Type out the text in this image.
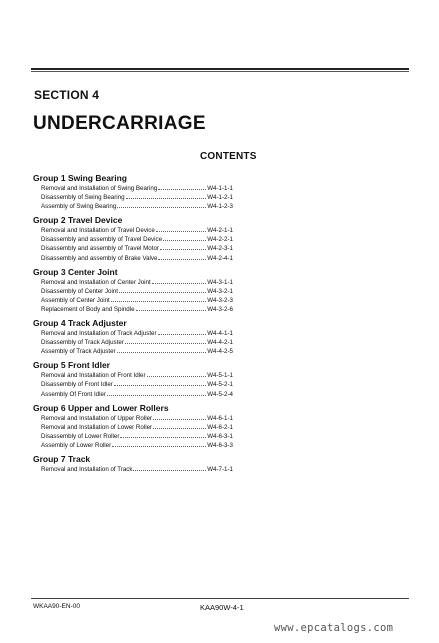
SECTION 4
UNDERCARRIAGE
CONTENTS
Group 1 Swing Bearing
Removal and Installation of Swing Bearing	W4-1-1-1
Disassembly of Swing Bearing	W4-1-2-1
Assembly of Swing Bearing	W4-1-2-3
Group 2 Travel Device
Removal and Installation of Travel Device	W4-2-1-1
Disassembly and assembly of Travel Device	W4-2-2-1
Disassembly and assembly of Travel Motor	W4-2-3-1
Disassembly and assembly of Brake Valve	W4-2-4-1
Group 3 Center Joint
Removal and Installation of Center Joint	W4-3-1-1
Disassembly of Center Joint	W4-3-2-1
Assembly of Center Joint	W4-3-2-3
Replacement of Body and Spindle	W4-3-2-6
Group 4 Track Adjuster
Removal and Installation of Track Adjuster	W4-4-1-1
Disassembly of Track Adjuster	W4-4-2-1
Assembly of Track Adjuster	W4-4-2-5
Group 5 Front Idler
Removal and Installation of Front Idler	W4-5-1-1
Disassembly of Front Idler	W4-5-2-1
Assembly Of Front Idler	W4-5-2-4
Group 6 Upper and Lower Rollers
Removal and Installation of Upper Roller	W4-6-1-1
Removal and Installation of Lower Roller	W4-6-2-1
Disassembly of Lower Roller	W4-6-3-1
Assembly of Lower Roller	W4-6-3-3
Group 7 Track
Removal and Installation of Track	W4-7-1-1
WKAA90-EN-00	KAA90W-4-1
www.epcatalogs.com
